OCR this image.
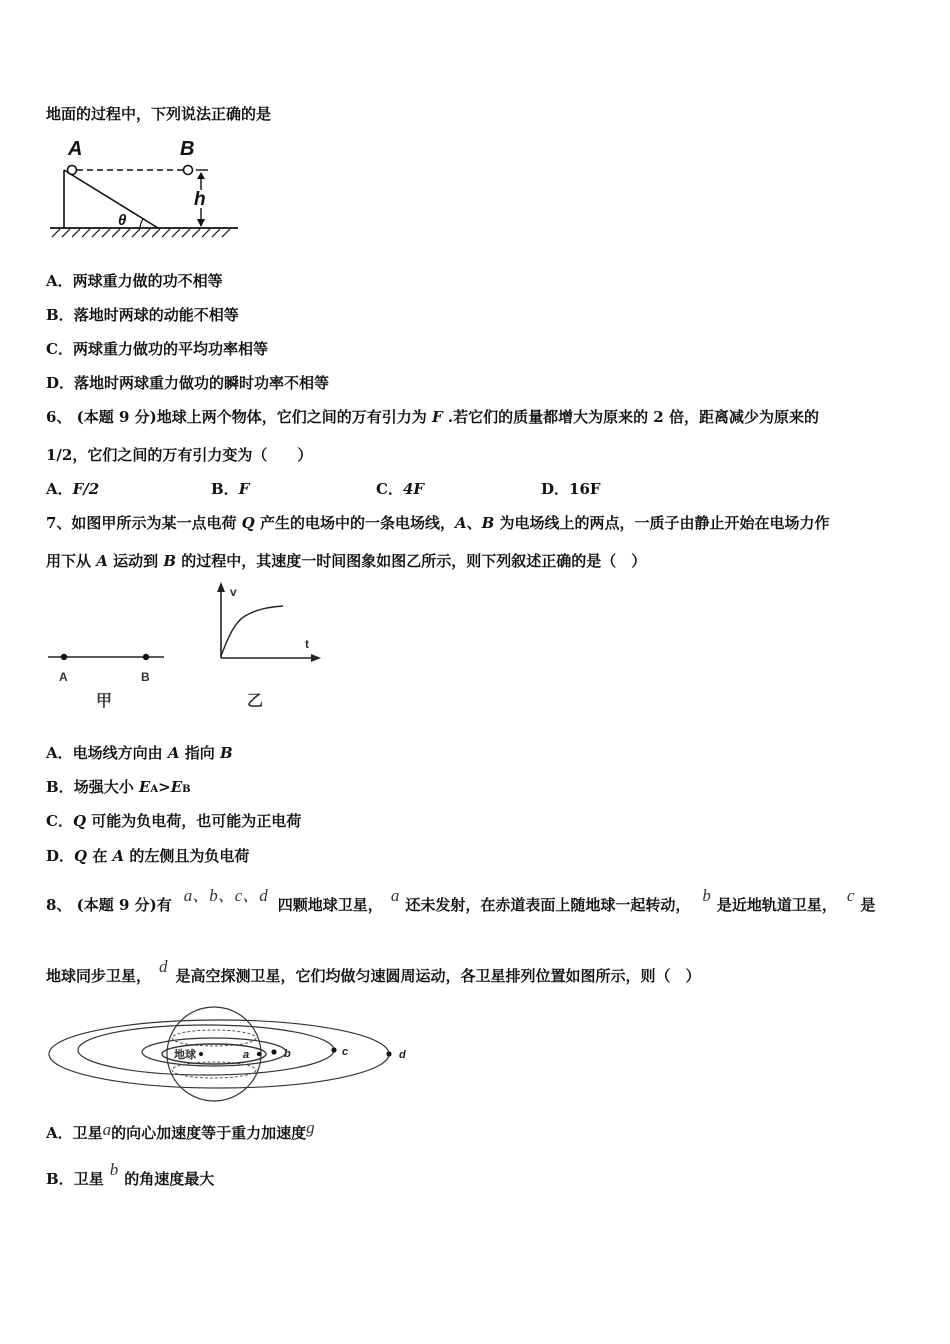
地面的过程中，下列说法正确的是
A	B
θ
h
A．两球重力做的功不相等
B．落地时两球的动能不相等
C．两球重力做功的平均功率相等
D．落地时两球重力做功的瞬时功率不相等
6、 (本题 9 分)地球上两个物体，它们之间的万有引力为 F .若它们的质量都增大为原来的 2 倍，距离减少为原来的
1/2，它们之间的万有引力变为（　　）
A．F/2	B．F	C．4F	D．16F
7、如图甲所示为某一点电荷 Q 产生的电场中的一条电场线，A、B 为电场线上的两点，一质子由静止开始在电场力作
用下从 A 运动到 B 的过程中，其速度一时间图象如图乙所示，则下列叙述正确的是（　）
A	B
甲
v
t
乙
A．电场线方向由 A 指向 B
B．场强大小 EA>EB
C．Q 可能为负电荷，也可能为正电荷
D．Q 在 A 的左侧且为负电荷
8、 (本题 9 分)有 a、b、c、d 四颗地球卫星， a 还未发射，在赤道表面上随地球一起转动， b 是近地轨道卫星， c 是
地球同步卫星， d 是高空探测卫星，它们均做匀速圆周运动，各卫星排列位置如图所示，则（　）
地球	a	b	c	d
A．卫星a的向心加速度等于重力加速度g
B．卫星 b 的角速度最大
